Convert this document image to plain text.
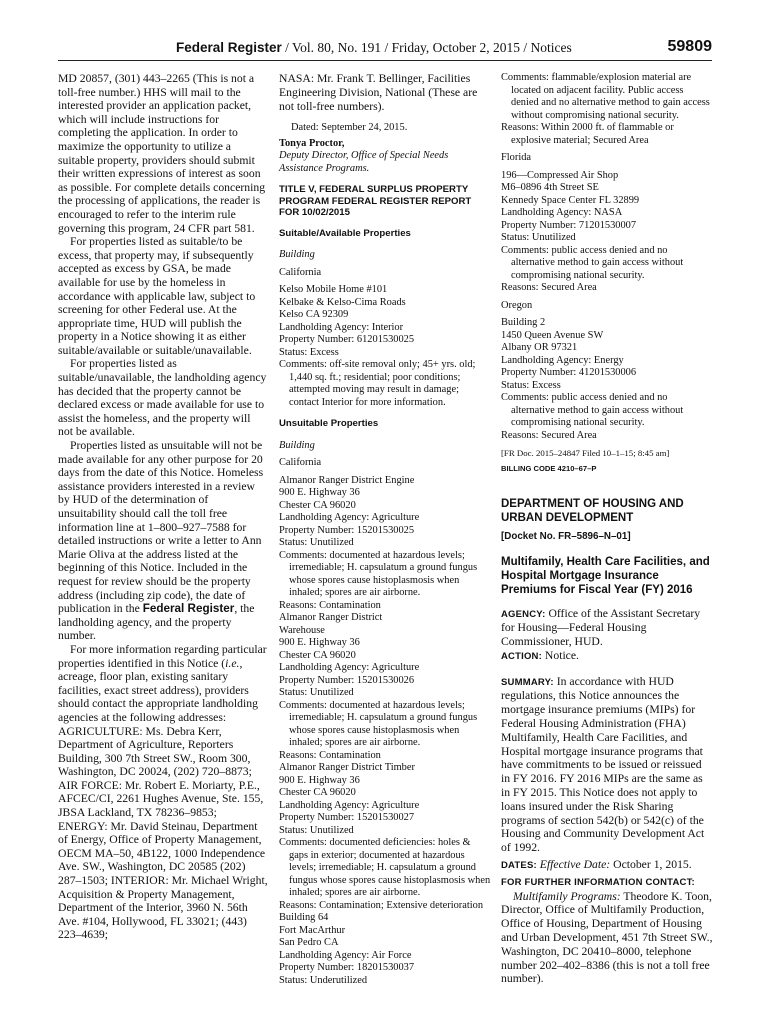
Federal Register / Vol. 80, No. 191 / Friday, October 2, 2015 / Notices	59809

MD 20857, (301) 443–2265 (This is not a toll-free number.) HHS will mail to the interested provider an application packet, which will include instructions for completing the application. In order to maximize the opportunity to utilize a suitable property, providers should submit their written expressions of interest as soon as possible. For complete details concerning the processing of applications, the reader is encouraged to refer to the interim rule governing this program, 24 CFR part 581.

For properties listed as suitable/to be excess, that property may, if subsequently accepted as excess by GSA, be made available for use by the homeless in accordance with applicable law, subject to screening for other Federal use. At the appropriate time, HUD will publish the property in a Notice showing it as either suitable/available or suitable/unavailable.

For properties listed as suitable/unavailable, the landholding agency has decided that the property cannot be declared excess or made available for use to assist the homeless, and the property will not be available.

Properties listed as unsuitable will not be made available for any other purpose for 20 days from the date of this Notice. Homeless assistance providers interested in a review by HUD of the determination of unsuitability should call the toll free information line at 1–800–927–7588 for detailed instructions or write a letter to Ann Marie Oliva at the address listed at the beginning of this Notice. Included in the request for review should be the property address (including zip code), the date of publication in the Federal Register, the landholding agency, and the property number.

For more information regarding particular properties identified in this Notice (i.e., acreage, floor plan, existing sanitary facilities, exact street address), providers should contact the appropriate landholding agencies at the following addresses: AGRICULTURE: Ms. Debra Kerr, Department of Agriculture, Reporters Building, 300 7th Street SW., Room 300, Washington, DC 20024, (202) 720–8873; AIR FORCE: Mr. Robert E. Moriarty, P.E., AFCEC/CI, 2261 Hughes Avenue, Ste. 155, JBSA Lackland, TX 78236–9853; ENERGY: Mr. David Steinau, Department of Energy, Office of Property Management, OECM MA–50, 4B122, 1000 Independence Ave. SW., Washington, DC 20585 (202) 287–1503; INTERIOR: Mr. Michael Wright, Acquisition & Property Management, Department of the Interior, 3960 N. 56th Ave. #104, Hollywood, FL 33021; (443) 223–4639;

NASA: Mr. Frank T. Bellinger, Facilities Engineering Division, National (These are not toll-free numbers).

Dated: September 24, 2015.

Tonya Proctor,

Deputy Director, Office of Special Needs Assistance Programs.

TITLE V, FEDERAL SURPLUS PROPERTY PROGRAM FEDERAL REGISTER REPORT FOR 10/02/2015

Suitable/Available Properties

Building

California

Kelso Mobile Home #101

Kelbake & Kelso-Cima Roads

Kelso CA 92309

Landholding Agency: Interior

Property Number: 61201530025

Status: Excess

Comments: off-site removal only; 45+ yrs. old; 1,440 sq. ft.; residential; poor conditions; attempted moving may result in damage; contact Interior for more information.

Unsuitable Properties

Building

California

Almanor Ranger District Engine

900 E. Highway 36

Chester CA 96020

Landholding Agency: Agriculture

Property Number: 15201530025

Status: Unutilized

Comments: documented at hazardous levels; irremediable; H. capsulatum a ground fungus whose spores cause histoplasmosis when inhaled; spores are air airborne.

Reasons: Contamination

Almanor Ranger District

Warehouse

900 E. Highway 36

Chester CA 96020

Landholding Agency: Agriculture

Property Number: 15201530026

Status: Unutilized

Comments: documented at hazardous levels; irremediable; H. capsulatum a ground fungus whose spores cause histoplasmosis when inhaled; spores are air airborne.

Reasons: Contamination

Almanor Ranger District Timber

900 E. Highway 36

Chester CA 96020

Landholding Agency: Agriculture

Property Number: 15201530027

Status: Unutilized

Comments: documented deficiencies: holes & gaps in exterior; documented at hazardous levels; irremediable; H. capsulatum a ground fungus whose spores cause histoplasmosis when inhaled; spores are air airborne.

Reasons: Contamination; Extensive deterioration

Building 64

Fort MacArthur

San Pedro CA

Landholding Agency: Air Force

Property Number: 18201530037

Status: Underutilized

Comments: flammable/explosion material are located on adjacent facility. Public access denied and no alternative method to gain access without compromising national security.

Reasons: Within 2000 ft. of flammable or explosive material; Secured Area

Florida

196—Compressed Air Shop

M6–0896 4th Street SE

Kennedy Space Center FL 32899

Landholding Agency: NASA

Property Number: 71201530007

Status: Unutilized

Comments: public access denied and no alternative method to gain access without compromising national security.

Reasons: Secured Area

Oregon

Building 2

1450 Queen Avenue SW

Albany OR 97321

Landholding Agency: Energy

Property Number: 41201530006

Status: Excess

Comments: public access denied and no alternative method to gain access without compromising national security.

Reasons: Secured Area

[FR Doc. 2015–24847 Filed 10–1–15; 8:45 am]

BILLING CODE 4210–67–P

DEPARTMENT OF HOUSING AND URBAN DEVELOPMENT

[Docket No. FR–5896–N–01]

Multifamily, Health Care Facilities, and Hospital Mortgage Insurance Premiums for Fiscal Year (FY) 2016

AGENCY: Office of the Assistant Secretary for Housing—Federal Housing Commissioner, HUD.

ACTION: Notice.

SUMMARY: In accordance with HUD regulations, this Notice announces the mortgage insurance premiums (MIPs) for Federal Housing Administration (FHA) Multifamily, Health Care Facilities, and Hospital mortgage insurance programs that have commitments to be issued or reissued in FY 2016. FY 2016 MIPs are the same as in FY 2015. This Notice does not apply to loans insured under the Risk Sharing programs of section 542(b) or 542(c) of the Housing and Community Development Act of 1992.

DATES: Effective Date: October 1, 2015.

FOR FURTHER INFORMATION CONTACT:

Multifamily Programs: Theodore K. Toon, Director, Office of Multifamily Production, Office of Housing, Department of Housing and Urban Development, 451 7th Street SW., Washington, DC 20410–8000, telephone number 202–402–8386 (this is not a toll free number).
